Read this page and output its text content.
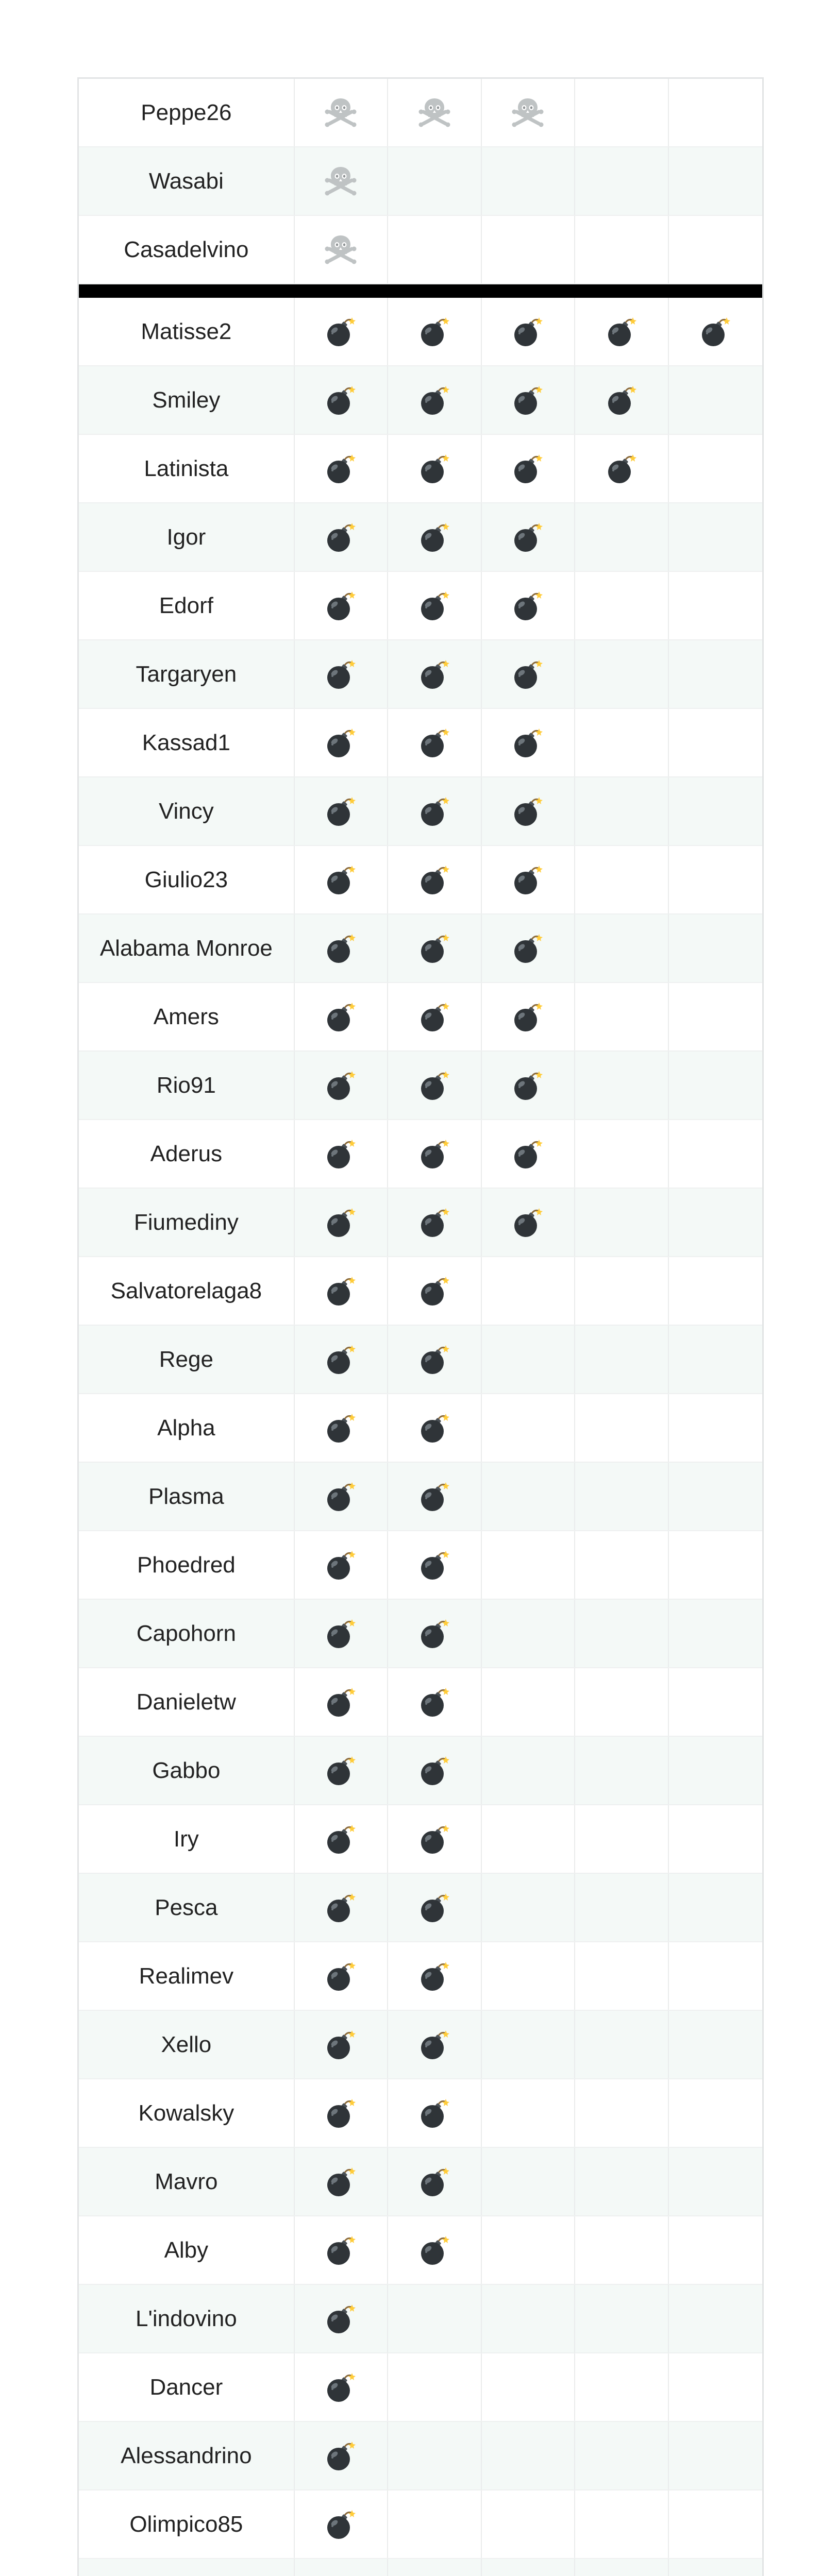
Peppe26
Wasabi
Casadelvino
Matisse2
Smiley
Latinista
Igor
Edorf
Targaryen
Kassad1
Vincy
Giulio23
Alabama Monroe
Amers
Rio91
Aderus
Fiumediny
Salvatorelaga8
Rege
Alpha
Plasma
Phoedred
Capohorn
Danieletw
Gabbo
Iry
Pesca
Realimev
Xello
Kowalsky
Mavro
Alby
L'indovino
Dancer
Alessandrino
Olimpico85
